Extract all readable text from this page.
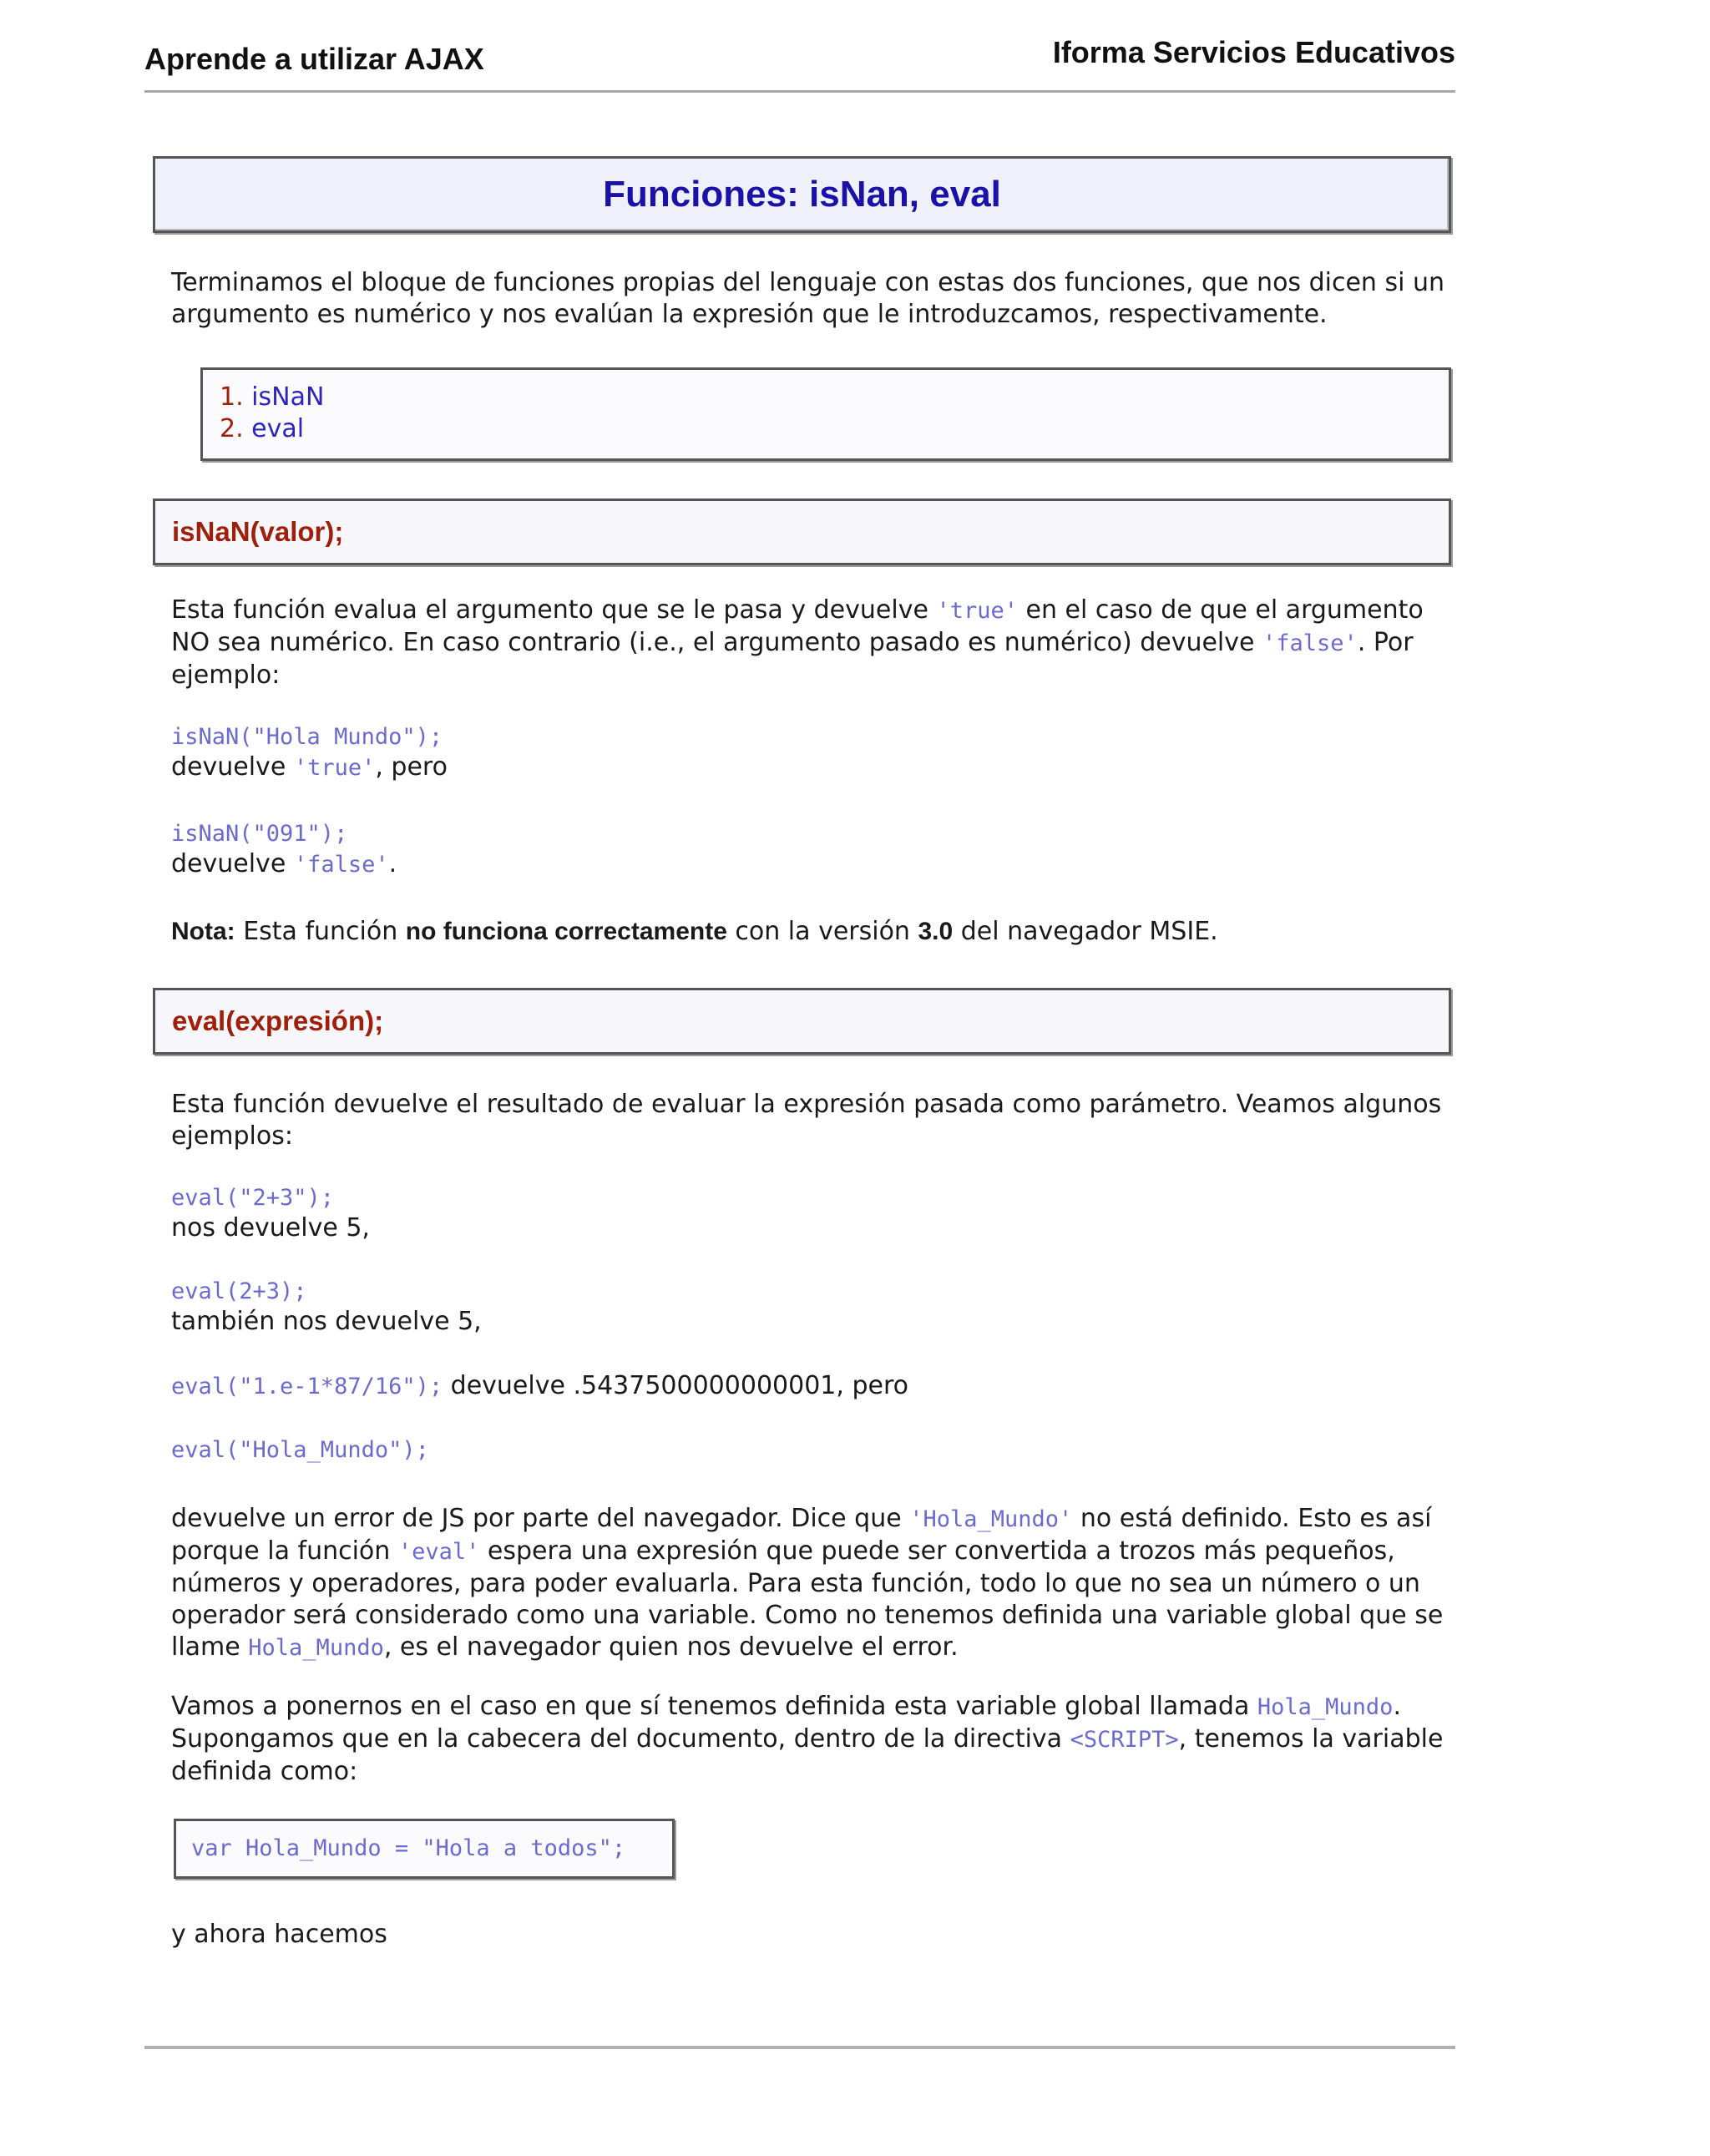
Aprende a utilizar AJAX	Iforma Servicios Educativos
Funciones: isNan, eval

Terminamos el bloque de funciones propias del lenguaje con estas dos funciones, que nos dicen si un argumento es numérico y nos evalúan la expresión que le introduzcamos, respectivamente.

1. isNaN
2. eval
isNaN(valor);

Esta función evalua el argumento que se le pasa y devuelve 'true' en el caso de que el argumento NO sea numérico. En caso contrario (i.e., el argumento pasado es numérico) devuelve 'false'. Por ejemplo:

isNaN("Hola Mundo");

devuelve 'true', pero

isNaN("091");

devuelve 'false'.

Nota: Esta función no funciona correctamente con la versión 3.0 del navegador MSIE.

eval(expresión);

Esta función devuelve el resultado de evaluar la expresión pasada como parámetro. Veamos algunos ejemplos:

eval("2+3");

nos devuelve 5,

eval(2+3);

también nos devuelve 5,

eval("1.e-1*87/16"); devuelve .5437500000000001, pero

eval("Hola_Mundo");

devuelve un error de JS por parte del navegador. Dice que 'Hola_Mundo' no está definido. Esto es así porque la función 'eval' espera una expresión que puede ser convertida a trozos más pequeños, números y operadores, para poder evaluarla. Para esta función, todo lo que no sea un número o un operador será considerado como una variable. Como no tenemos definida una variable global que se llame Hola_Mundo, es el navegador quien nos devuelve el error.

Vamos a ponernos en el caso en que sí tenemos definida esta variable global llamada Hola_Mundo. Supongamos que en la cabecera del documento, dentro de la directiva <SCRIPT>, tenemos la variable definida como:

var Hola_Mundo = "Hola a todos";

y ahora hacemos
